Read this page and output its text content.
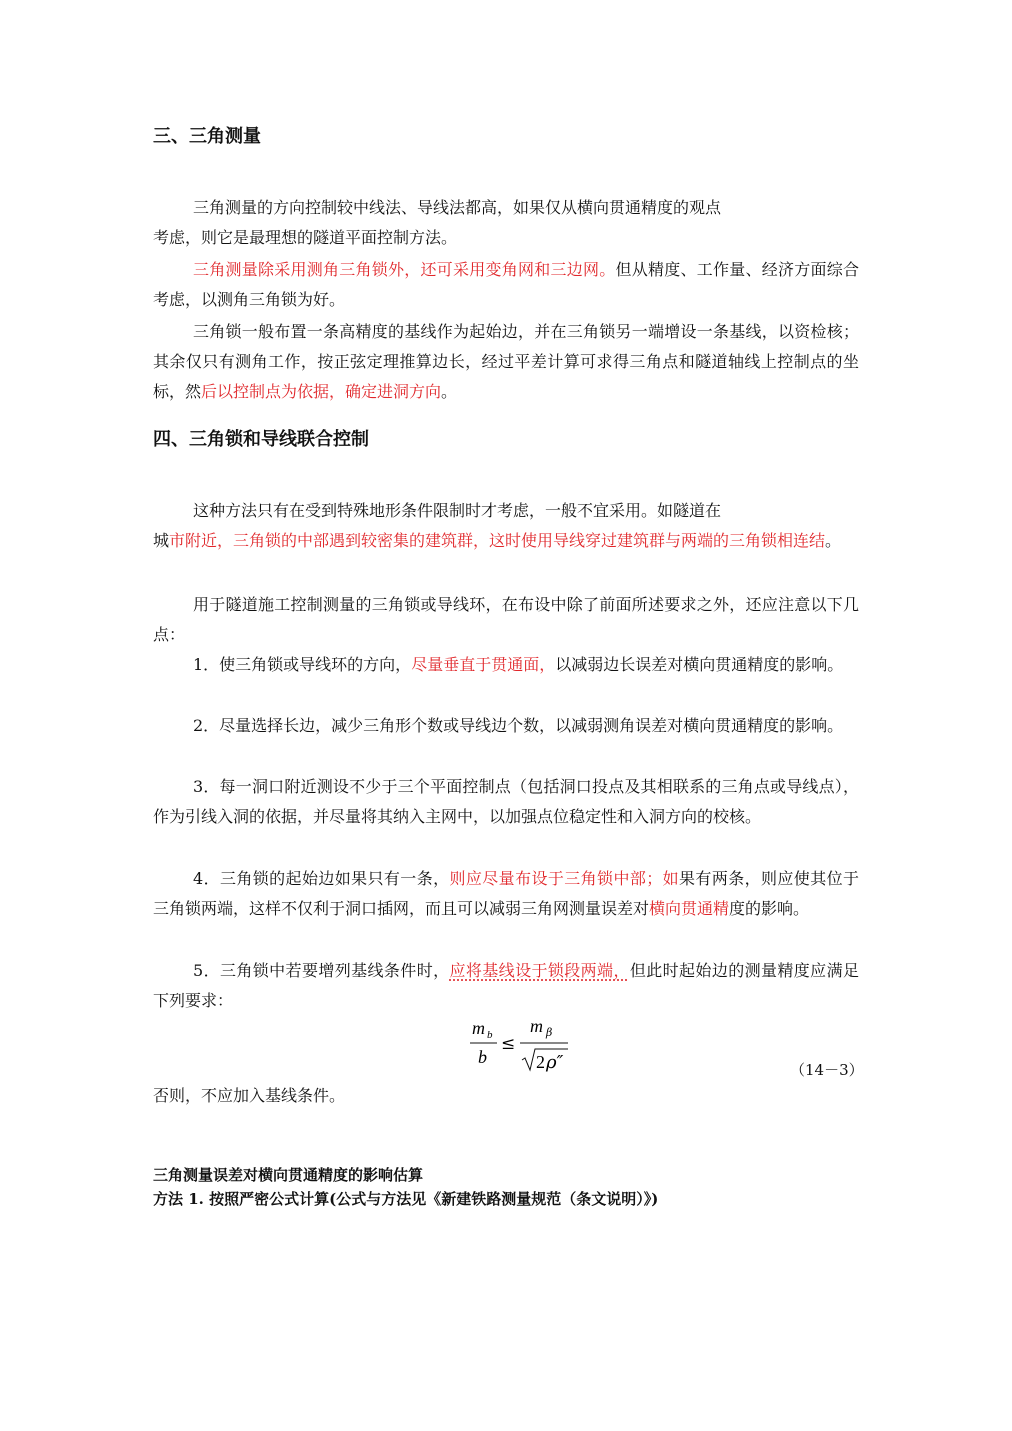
三、三角测量
三角测量的方向控制较中线法、导线法都高，如果仅从横向贯通精度的观点
考虑，则它是最理想的隧道平面控制方法。
三角测量除采用测角三角锁外，还可采用变角网和三边网。但从精度、工作量、经济方面综合考虑，以测角三角锁为好。
三角锁一般布置一条高精度的基线作为起始边，并在三角锁另一端增设一条基线，以资检核；其余仅只有测角工作，按正弦定理推算边长，经过平差计算可求得三角点和隧道轴线上控制点的坐标，然后以控制点为依据，确定进洞方向。
四、三角锁和导线联合控制
这种方法只有在受到特殊地形条件限制时才考虑，一般不宜采用。如隧道在
城市附近，三角锁的中部遇到较密集的建筑群，这时使用导线穿过建筑群与两端的三角锁相连结。
用于隧道施工控制测量的三角锁或导线环，在布设中除了前面所述要求之外，还应注意以下几点：
1．使三角锁或导线环的方向，尽量垂直于贯通面，以减弱边长误差对横向贯通精度的影响。
2．尽量选择长边，减少三角形个数或导线边个数，以减弱测角误差对横向贯通精度的影响。
3．每一洞口附近测设不少于三个平面控制点（包括洞口投点及其相联系的三角点或导线点），作为引线入洞的依据，并尽量将其纳入主网中，以加强点位稳定性和入洞方向的校核。
4．三角锁的起始边如果只有一条，则应尽量布设于三角锁中部；如果有两条，则应使其位于三角锁两端，这样不仅利于洞口插网，而且可以减弱三角网测量误差对横向贯通精度的影响。
5．三角锁中若要增列基线条件时，应将基线设于锁段两端，但此时起始边的测量精度应满足下列要求：
m b
b
≤
m β
2 ρ″	（14－3）
否则，不应加入基线条件。
三角测量误差对横向贯通精度的影响估算
方法 1. 按照严密公式计算(公式与方法见《新建铁路测量规范（条文说明）》)
